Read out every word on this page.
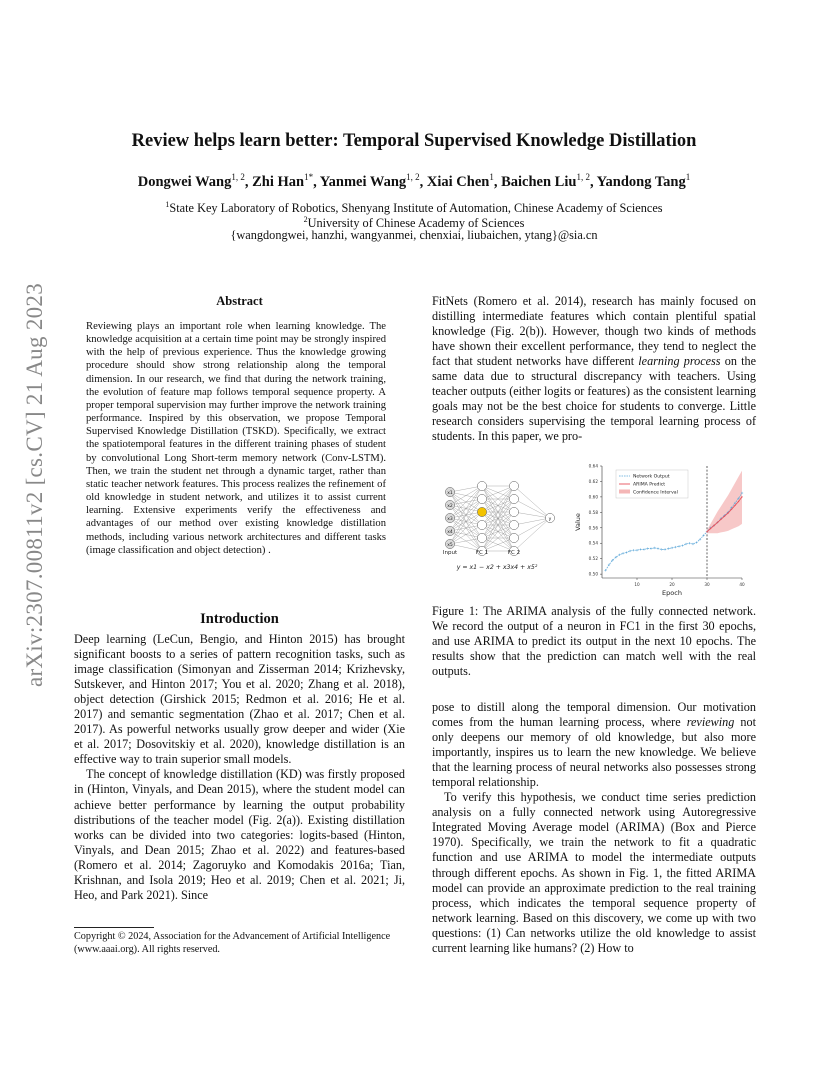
arXiv:2307.00811v2 [cs.CV] 21 Aug 2023
Review helps learn better: Temporal Supervised Knowledge Distillation
Dongwei Wang$^{1, 2}$, Zhi Han$^{1*}$, Yanmei Wang$^{1, 2}$, Xiai Chen$^1$, Baichen Liu$^{1, 2}$, Yandong Tang$^1$
$^1$State Key Laboratory of Robotics, Shenyang Institute of Automation, Chinese Academy of Sciences
$^2$University of Chinese Academy of Sciences
{wangdongwei, hanzhi, wangyanmei, chenxiai, liubaichen, ytang}@sia.cn
Abstract
Reviewing plays an important role when learning knowledge. The knowledge acquisition at a certain time point may be strongly inspired with the help of previous experience. Thus the knowledge growing procedure should show strong relationship along the temporal dimension. In our research, we find that during the network training, the evolution of feature map follows temporal sequence property. A proper temporal supervision may further improve the network training performance. Inspired by this observation, we propose Temporal Supervised Knowledge Distillation (TSKD). Specifically, we extract the spatiotemporal features in the different training phases of student by convolutional Long Short-term memory network (Conv-LSTM). Then, we train the student net through a dynamic target, rather than static teacher network features. This process realizes the refinement of old knowledge in student network, and utilizes it to assist current learning. Extensive experiments verify the effectiveness and advantages of our method over existing knowledge distillation methods, including various network architectures and different tasks (image classification and object detection) .
Introduction

Deep learning (LeCun, Bengio, and Hinton 2015) has brought significant boosts to a series of pattern recognition tasks, such as image classification (Simonyan and Zisserman 2014; Krizhevsky, Sutskever, and Hinton 2017; You et al. 2020; Zhang et al. 2018), object detection (Girshick 2015; Redmon et al. 2016; He et al. 2017) and semantic segmentation (Zhao et al. 2017; Chen et al. 2017). As powerful networks usually grow deeper and wider (Xie et al. 2017; Dosovitskiy et al. 2020), knowledge distillation is an effective way to train superior small models.

The concept of knowledge distillation (KD) was firstly proposed in (Hinton, Vinyals, and Dean 2015), where the student model can achieve better performance by learning the output probability distributions of the teacher model (Fig. 2(a)). Existing distillation works can be divided into two categories: logits-based (Hinton, Vinyals, and Dean 2015; Zhao et al. 2022) and features-based (Romero et al. 2014; Zagoruyko and Komodakis 2016a; Tian, Krishnan, and Isola 2019; Heo et al. 2019; Chen et al. 2021; Ji, Heo, and Park 2021). Since

Copyright © 2024, Association for the Advancement of Artificial Intelligence (www.aaai.org). All rights reserved.

FitNets (Romero et al. 2014), research has mainly focused on distilling intermediate features which contain plentiful spatial knowledge (Fig. 2(b)). However, though two kinds of methods have shown their excellent performance, they tend to neglect the fact that student networks have different learning process on the same data due to structural discrepancy with teachers. Using teacher outputs (either logits or features) as the consistent learning goals may not be the best choice for students to converge. Little research considers supervising the temporal learning process of students. In this paper, we pro-

x1
x2
x3
x4
x5
y
Input	FC 1	FC 2
y = x1 − x2 + x3x4 + x5²
0.50
0.52
0.54
0.56
0.58
0.60
0.62
0.64
10	20	30	40
Epoch
Value
Network Output
ARIMA Predict
Confidence Interval
Figure 1: The ARIMA analysis of the fully connected network. We record the output of a neuron in FC1 in the first 30 epochs, and use ARIMA to predict its output in the next 10 epochs. The results show that the prediction can match well with the real outputs.

pose to distill along the temporal dimension. Our motivation comes from the human learning process, where reviewing not only deepens our memory of old knowledge, but also more importantly, inspires us to learn the new knowledge. We believe that the learning process of neural networks also possesses strong temporal relationship.

To verify this hypothesis, we conduct time series prediction analysis on a fully connected network using Autoregressive Integrated Moving Average model (ARIMA) (Box and Pierce 1970). Specifically, we train the network to fit a quadratic function and use ARIMA to model the intermediate outputs through different epochs. As shown in Fig. 1, the fitted ARIMA model can provide an approximate prediction to the real training process, which indicates the temporal sequence property of network learning. Based on this discovery, we come up with two questions: (1) Can networks utilize the old knowledge to assist current learning like humans? (2) How to
